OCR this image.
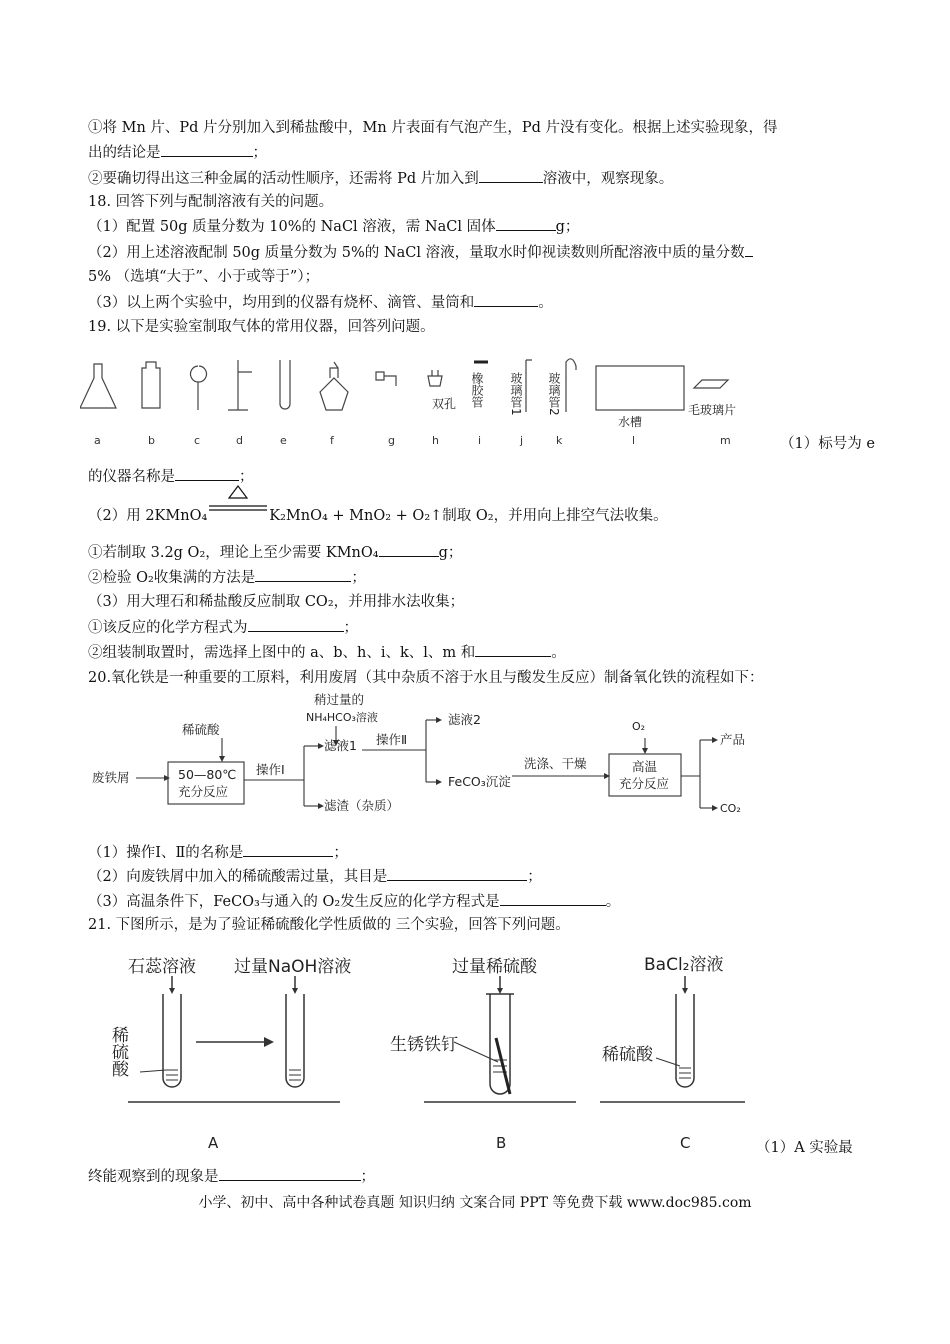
①将 Mn 片、Pd 片分别加入到稀盐酸中，Mn 片表面有气泡产生，Pd 片没有变化。根据上述实验现象，得
出的结论是	；
②要确切得出这三种金属的活动性顺序，还需将 Pd 片加入到	溶液中，观察现象。
18. 回答下列与配制溶液有关的问题。
（1）配置 50g 质量分数为 10%的 NaCl 溶液，需 NaCl 固体	g；
（2）用上述溶液配制 50g 质量分数为 5%的 NaCl 溶液，量取水时仰视读数则所配溶液中质的量分数
5% （选填“大于”、小于或等于”）；
（3）以上两个实验中，均用到的仪器有烧杯、滴管、量筒和	。
19. 以下是实验室制取气体的常用仪器，回答列问题。
双孔
水槽
毛玻璃片
橡胶管 玻璃管1 玻璃管2
a	b	c	d	e	f	g	h	i	j	k	l	m	（1）标号为 e
的仪器名称是	；
（2）用 2KMnO₄	K₂MnO₄ + MnO₂ + O₂↑制取 O₂，并用向上排空气法收集。
①若制取 3.2g O₂，理论上至少需要 KMnO₄	g；
②检验 O₂收集满的方法是	；
（3）用大理石和稀盐酸反应制取 CO₂，并用排水法收集；
①该反应的化学方程式为	；
②组装制取置时，需选择上图中的 a、b、h、i、k、l、m 和	。
20.氧化铁是一种重要的工原料，利用废屑（其中杂质不溶于水且与酸发生反应）制备氧化铁的流程如下：
废铁屑
稀硫酸
50—80℃
充分反应
操作Ⅰ
滤液1
滤渣（杂质）
稍过量的
NH₄HCO₃溶液
操作Ⅱ
滤液2
FeCO₃沉淀
洗涤、干燥
O₂
高温
充分反应
产品
CO₂
（1）操作Ⅰ、Ⅱ的名称是	；
（2）向废铁屑中加入的稀硫酸需过量，其目是	；
（3）高温条件下，FeCO₃与通入的 O₂发生反应的化学方程式是	。
21. 下图所示，是为了验证稀硫酸化学性质做的 三个实验，回答下列问题。
石蕊溶液 过量NaOH溶液	过量稀硫酸
生锈铁钉
BaCl₂溶液
稀硫酸
稀硫酸
A	B	C	（1）A 实验最
终能观察到的现象是	；
小学、初中、高中各种试卷真题 知识归纳 文案合同 PPT 等免费下载 www.doc985.com
